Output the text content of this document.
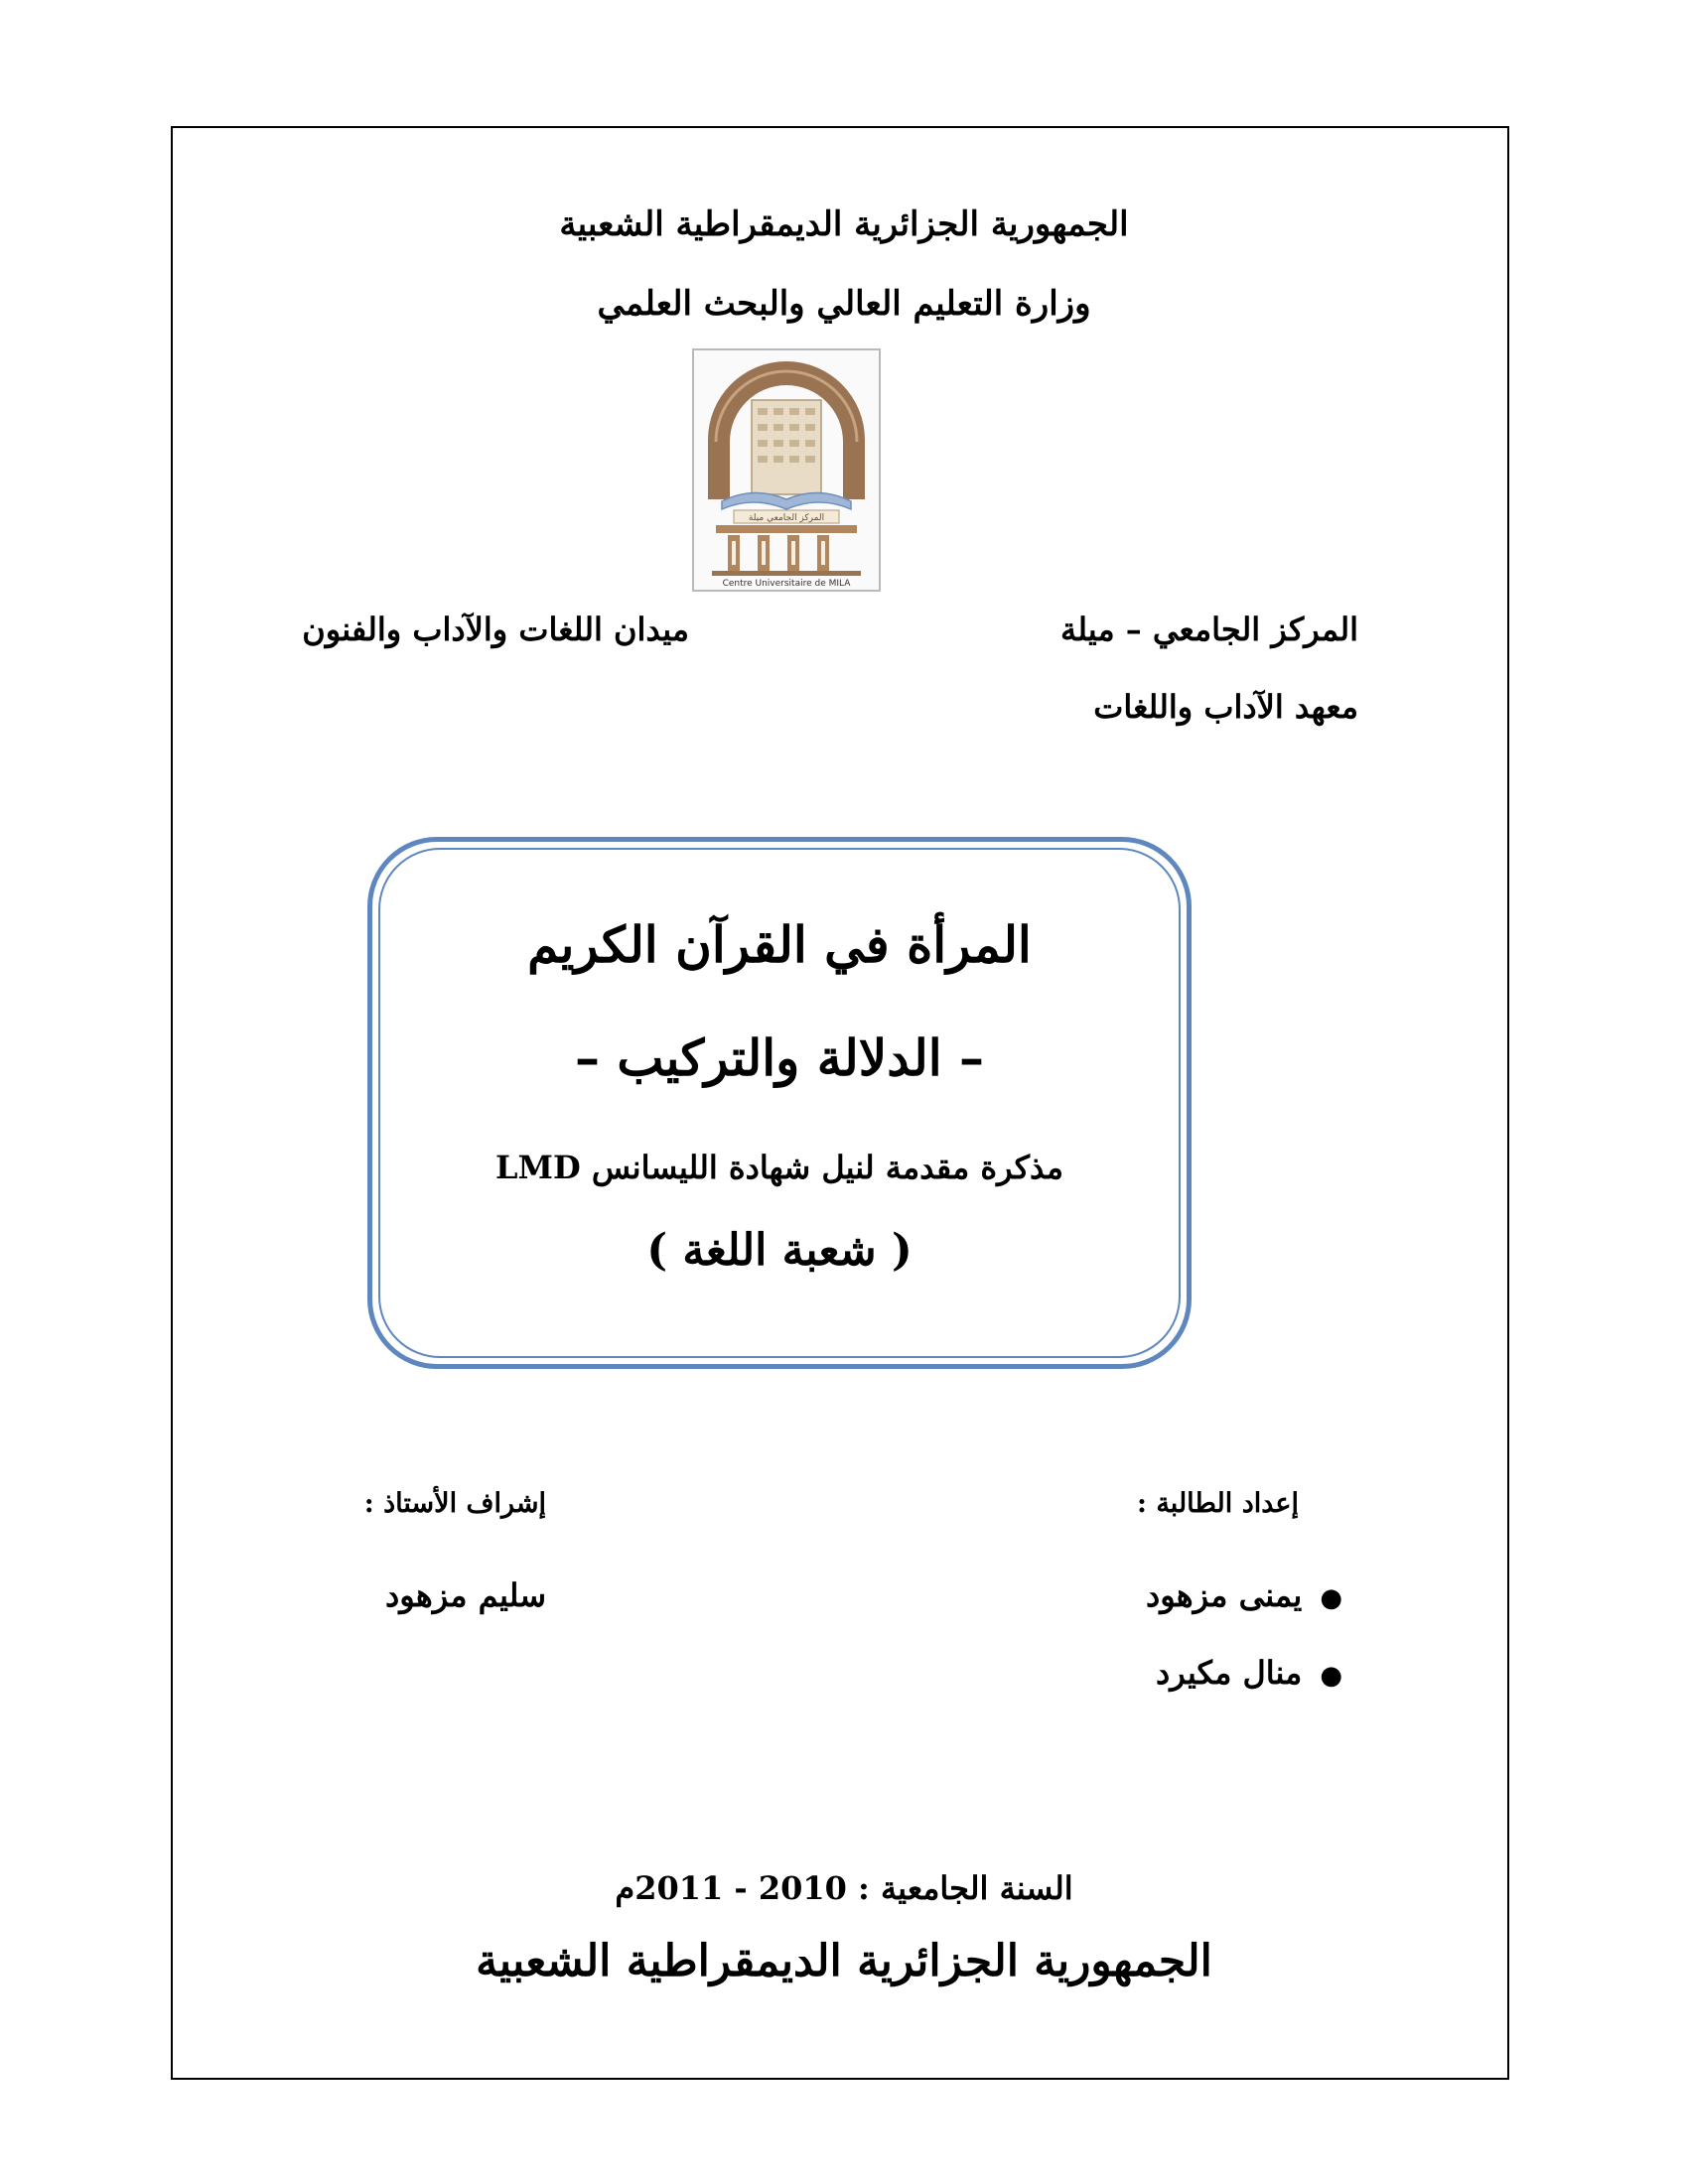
الجمهورية الجزائرية الديمقراطية الشعبية
وزارة التعليم العالي والبحث العلمي
المركز الجامعي ميلة
Centre Universitaire de MILA
المركز الجامعي – ميلة
ميدان اللغات والآداب والفنون
معهد الآداب واللغات
المرأة في القرآن الكريم
– الدلالة والتركيب –
مذكرة مقدمة لنيل شهادة الليسانس LMD
( شعبة اللغة )
إعداد الطالبة :
إشراف الأستاذ :
●يمنى مزهود
●منال مكيرد
سليم مزهود
السنة الجامعية : 2010 - 2011م
الجمهورية الجزائرية الديمقراطية الشعبية
